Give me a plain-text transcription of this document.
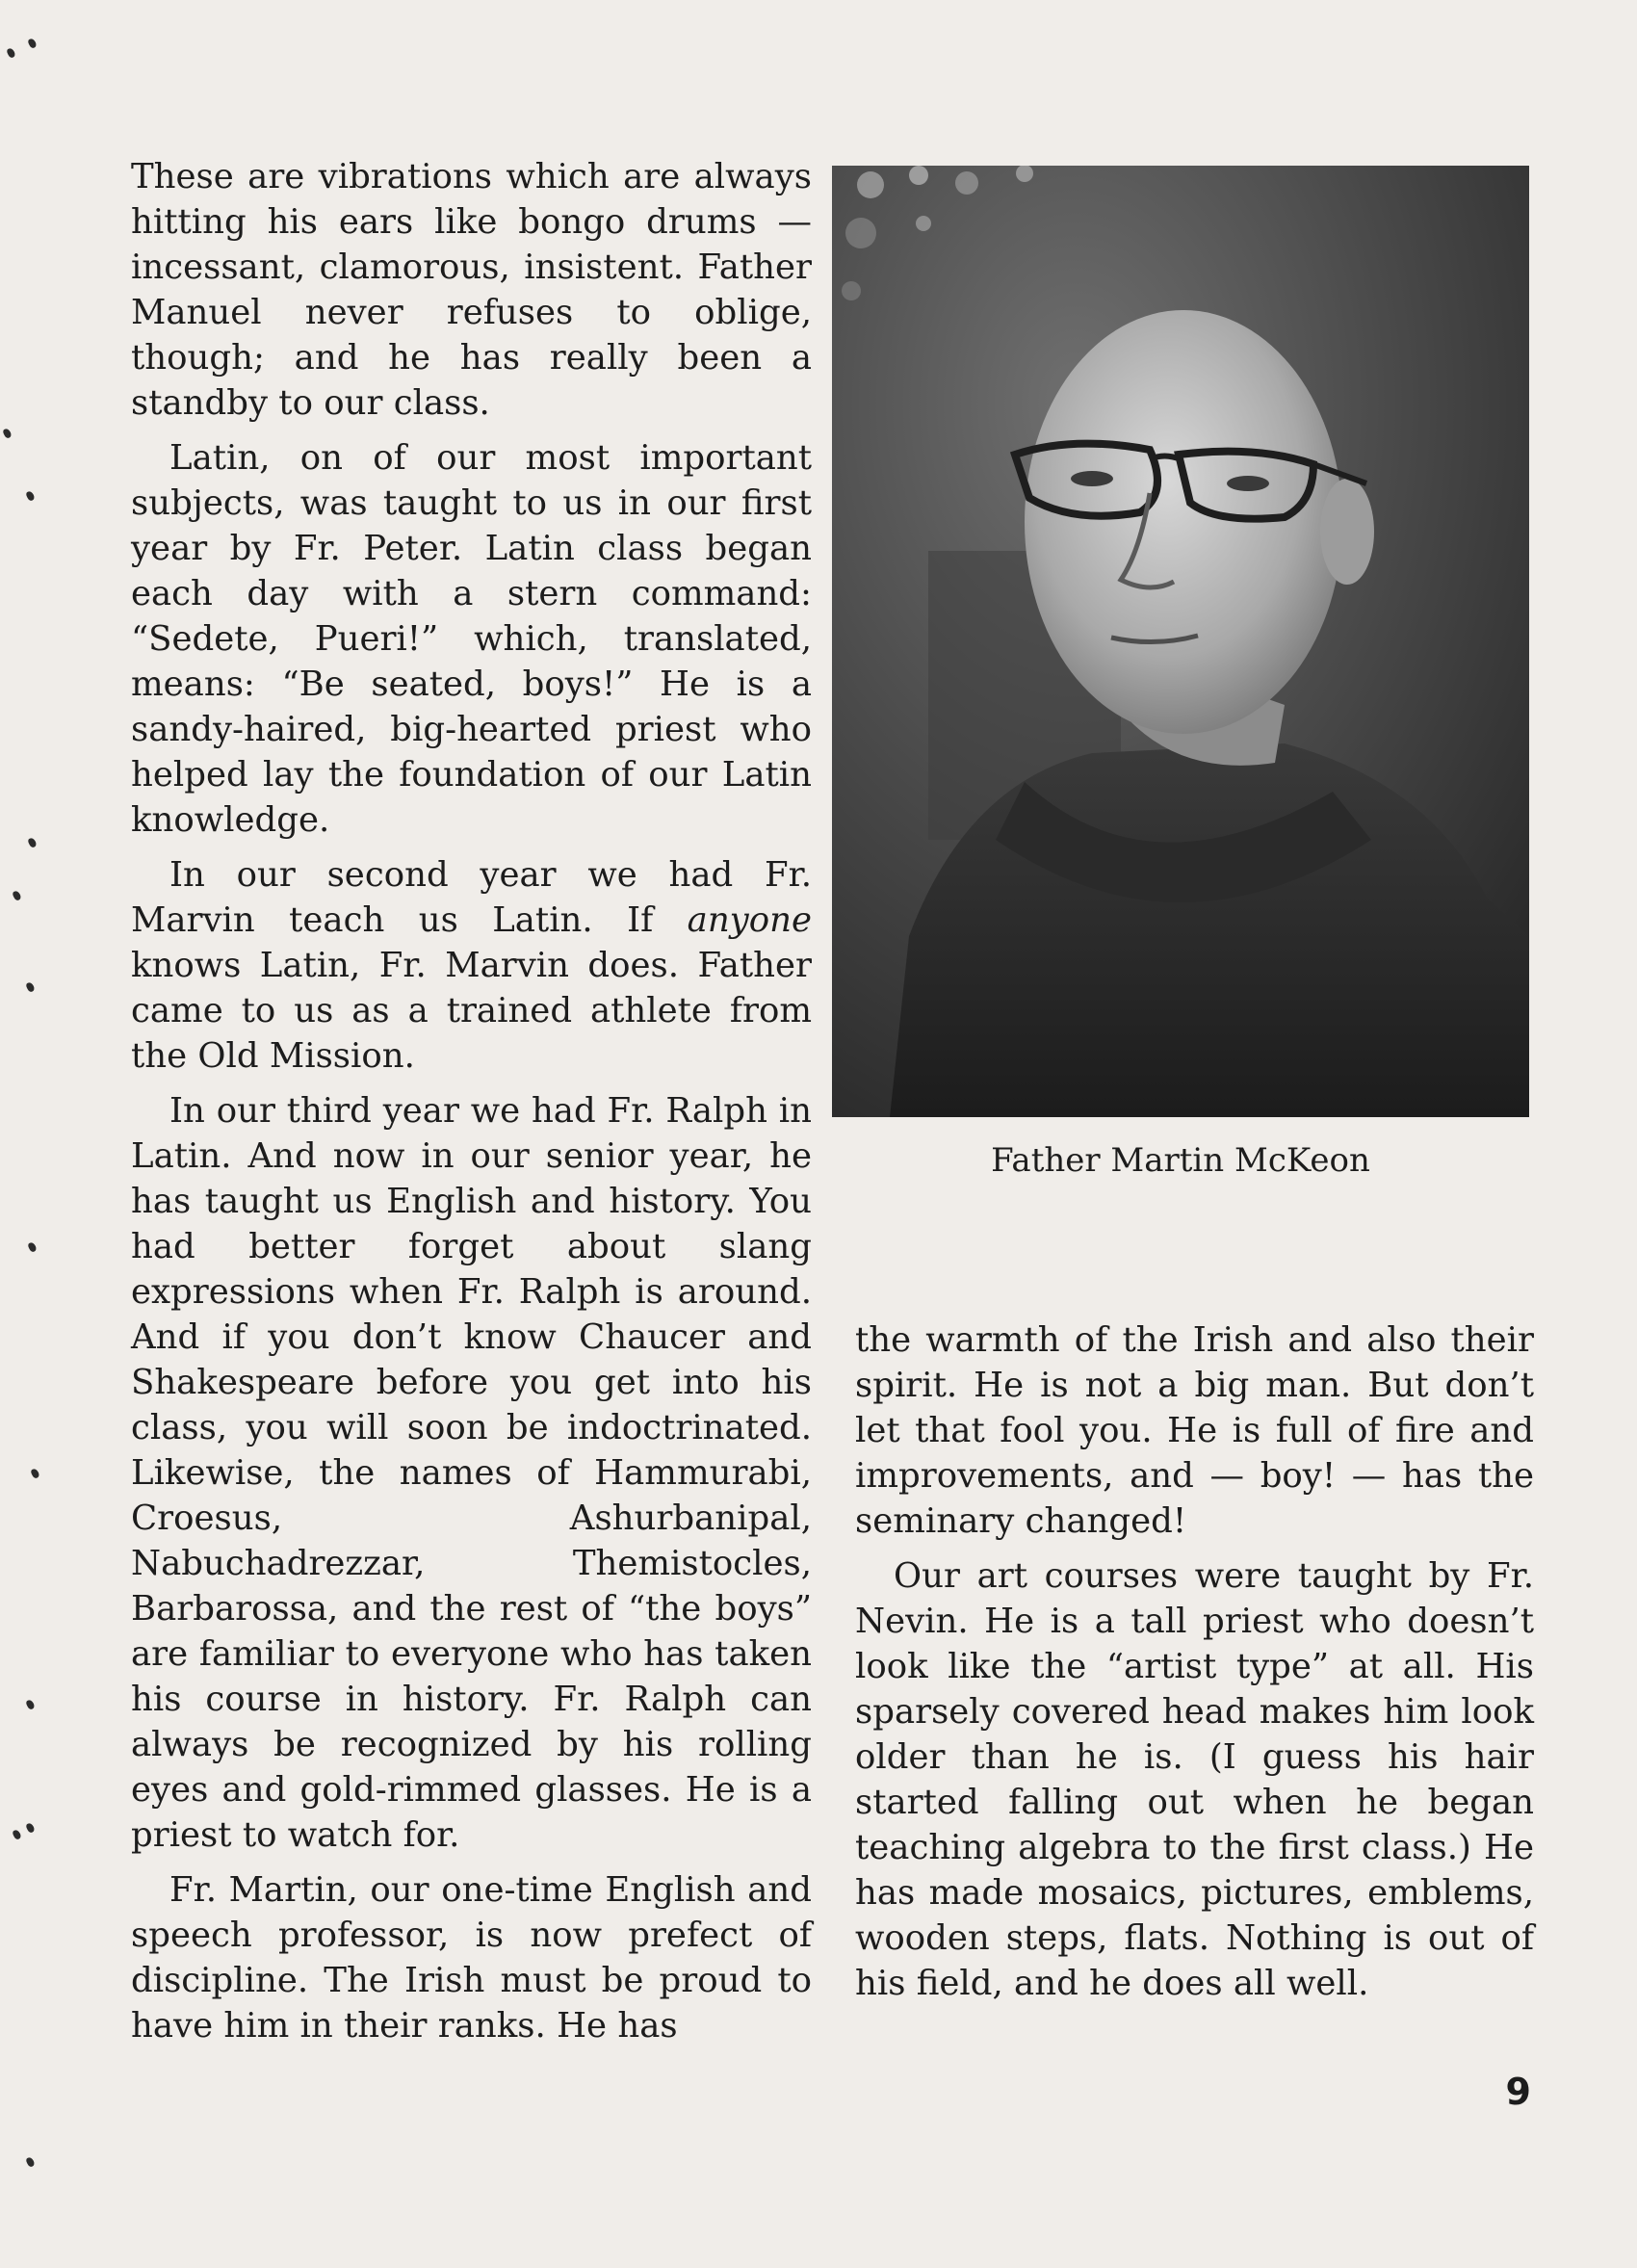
These are vibrations which are always hitting his ears like bongo drums — incessant, clamorous, insistent. Father Manuel never refuses to oblige, though; and he has really been a standby to our class.

Latin, on of our most important subjects, was taught to us in our first year by Fr. Peter. Latin class began each day with a stern command: “Sedete, Pueri!” which, translated, means: “Be seated, boys!” He is a sandy-haired, big-hearted priest who helped lay the foundation of our Latin knowledge.

In our second year we had Fr. Marvin teach us Latin. If anyone knows Latin, Fr. Marvin does. Father came to us as a trained athlete from the Old Mission.

In our third year we had Fr. Ralph in Latin. And now in our senior year, he has taught us English and history. You had better forget about slang expressions when Fr. Ralph is around. And if you don’t know Chaucer and Shakespeare before you get into his class, you will soon be indoctrinated. Likewise, the names of Hammurabi, Croesus, Ashurbanipal, Nabuchadrezzar, Themistocles, Barbarossa, and the rest of “the boys” are familiar to everyone who has taken his course in history. Fr. Ralph can always be recognized by his rolling eyes and gold-rimmed glasses. He is a priest to watch for.

Fr. Martin, our one-time English and speech professor, is now prefect of discipline. The Irish must be proud to have him in their ranks. He has

Father Martin McKeon

the warmth of the Irish and also their spirit. He is not a big man. But don’t let that fool you. He is full of fire and improvements, and — boy! — has the seminary changed!

Our art courses were taught by Fr. Nevin. He is a tall priest who doesn’t look like the “artist type” at all. His sparsely covered head makes him look older than he is. (I guess his hair started falling out when he began teaching algebra to the first class.) He has made mosaics, pictures, emblems, wooden steps, flats. Nothing is out of his field, and he does all well.

9
